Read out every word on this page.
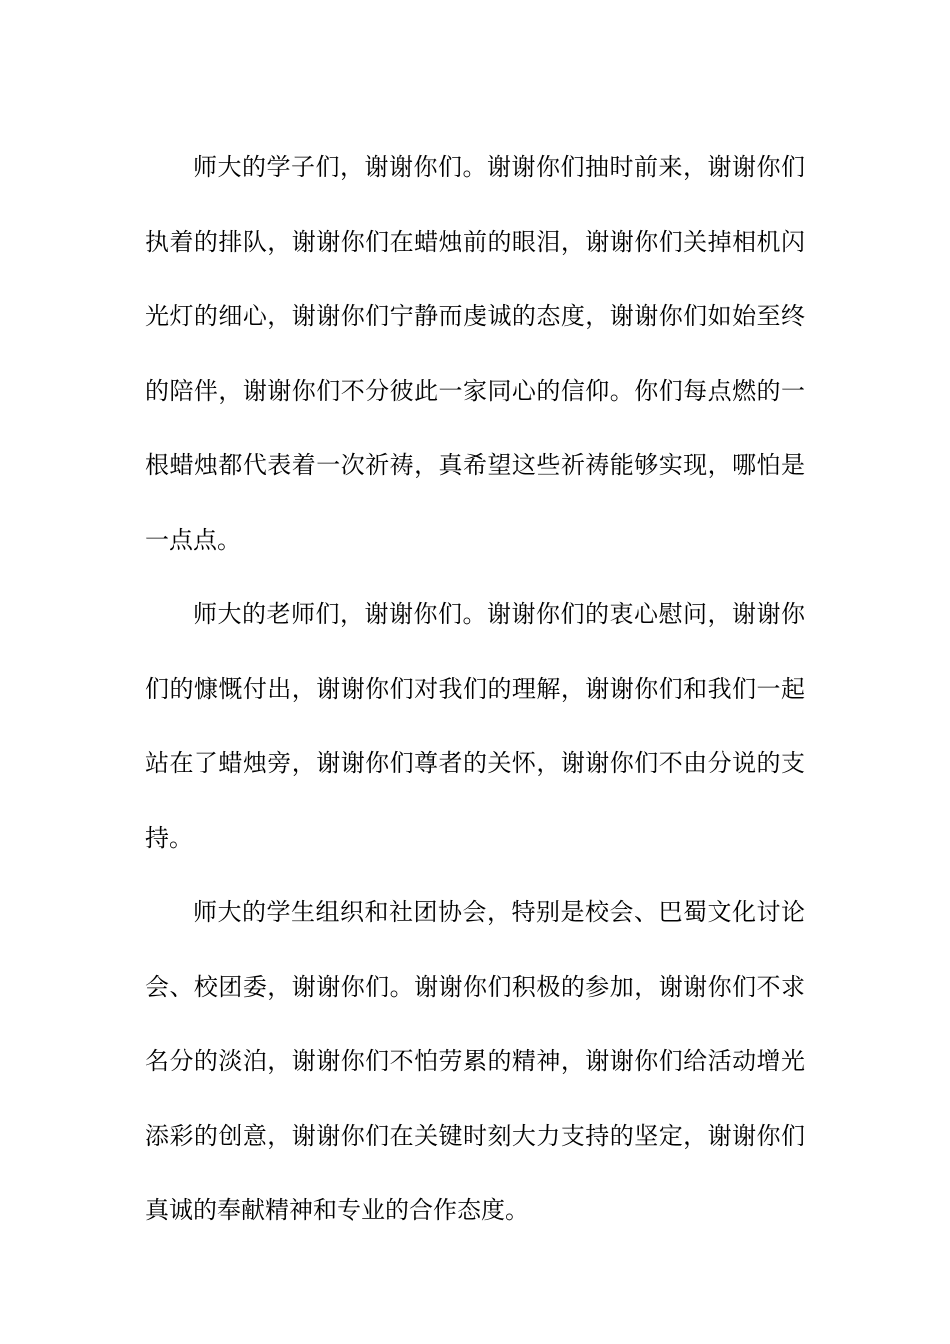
师大的学子们，谢谢你们。谢谢你们抽时前来，谢谢你们执着的排队，谢谢你们在蜡烛前的眼泪，谢谢你们关掉相机闪光灯的细心，谢谢你们宁静而虔诚的态度，谢谢你们如始至终的陪伴，谢谢你们不分彼此一家同心的信仰。你们每点燃的一根蜡烛都代表着一次祈祷，真希望这些祈祷能够实现，哪怕是一点点。

师大的老师们，谢谢你们。谢谢你们的衷心慰问，谢谢你们的慷慨付出，谢谢你们对我们的理解，谢谢你们和我们一起站在了蜡烛旁，谢谢你们尊者的关怀，谢谢你们不由分说的支持。

师大的学生组织和社团协会，特别是校会、巴蜀文化讨论会、校团委，谢谢你们。谢谢你们积极的参加，谢谢你们不求名分的淡泊，谢谢你们不怕劳累的精神，谢谢你们给活动增光添彩的创意，谢谢你们在关键时刻大力支持的坚定，谢谢你们真诚的奉献精神和专业的合作态度。
